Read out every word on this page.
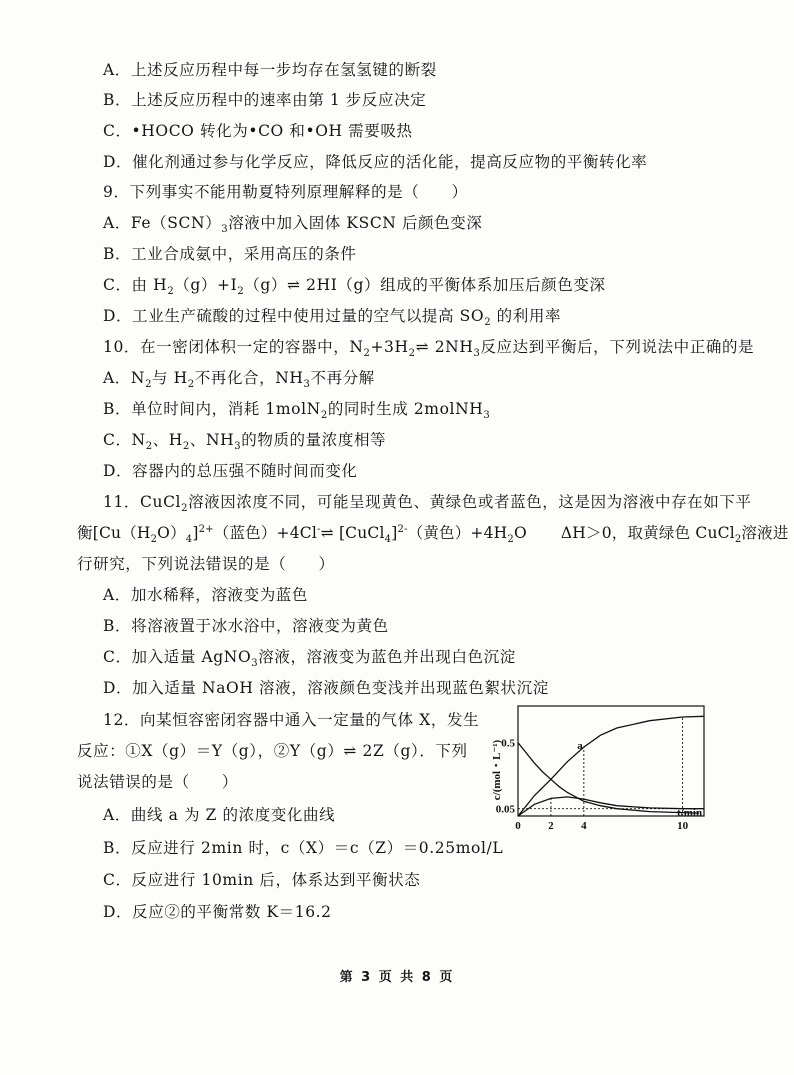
A．上述反应历程中每一步均存在氢氢键的断裂
B．上述反应历程中的速率由第 1 步反应决定
C．•HOCO 转化为•CO 和•OH 需要吸热
D．催化剂通过参与化学反应，降低反应的活化能，提高反应物的平衡转化率
9．下列事实不能用勒夏特列原理解释的是（　　）
A．$Fe(SCN)_3$溶液中加入固体 KSCN 后颜色变深
B．工业合成氨中，采用高压的条件
C．由 $H_2(g)+I_2(g)\rightleftharpoons$ 2HI（g）组成的平衡体系加压后颜色变深
D．工业生产硫酸的过程中使用过量的空气以提高 $SO_2$ 的利用率
10．在一密闭体积一定的容器中，$N_2+3H_2\rightleftharpoons$ $2NH_3$反应达到平衡后，下列说法中正确的是
A．$N_2$与 $H_2$不再化合，$NH_3$不再分解
B．单位时间内，消耗 1molN$_2$的同时生成 2molNH$_3$
C．$N_2$、$H_2$、$NH_3$的物质的量浓度相等
D．容器内的总压强不随时间而变化
11．CuCl$_2$溶液因浓度不同，可能呈现黄色、黄绿色或者蓝色，这是因为溶液中存在如下平
衡$[Cu(H_2O)_4]^{2+}$（蓝色）+4Cl-⇌ [CuCl$_4$]$^{2-}$（黄色）$+4H_2O$ ΔH＞0，取黄绿色 CuCl$_2$溶液进
行研究，下列说法错误的是（　　）
A．加水稀释，溶液变为蓝色
B．将溶液置于冰水浴中，溶液变为黄色
C．加入适量 AgNO$_3$溶液，溶液变为蓝色并出现白色沉淀
D．加入适量 NaOH 溶液，溶液颜色变浅并出现蓝色絮状沉淀
12．向某恒容密闭容器中通入一定量的气体 X，发生
反应：①X（g）＝Y（g），②Y（g）⇌ 2Z（g）．下列
说法错误的是（　　）
A．曲线 a 为 Z 的浓度变化曲线
B．反应进行 2min 时，c（X）＝c（Z）＝0.25mol/L
C．反应进行 10min 后，体系达到平衡状态
D．反应②的平衡常数 K＝16.2
c/(mol・L⁻¹)
t/min
0 2 4	10
0.05
0.5	a
第 3 页 共 8 页
